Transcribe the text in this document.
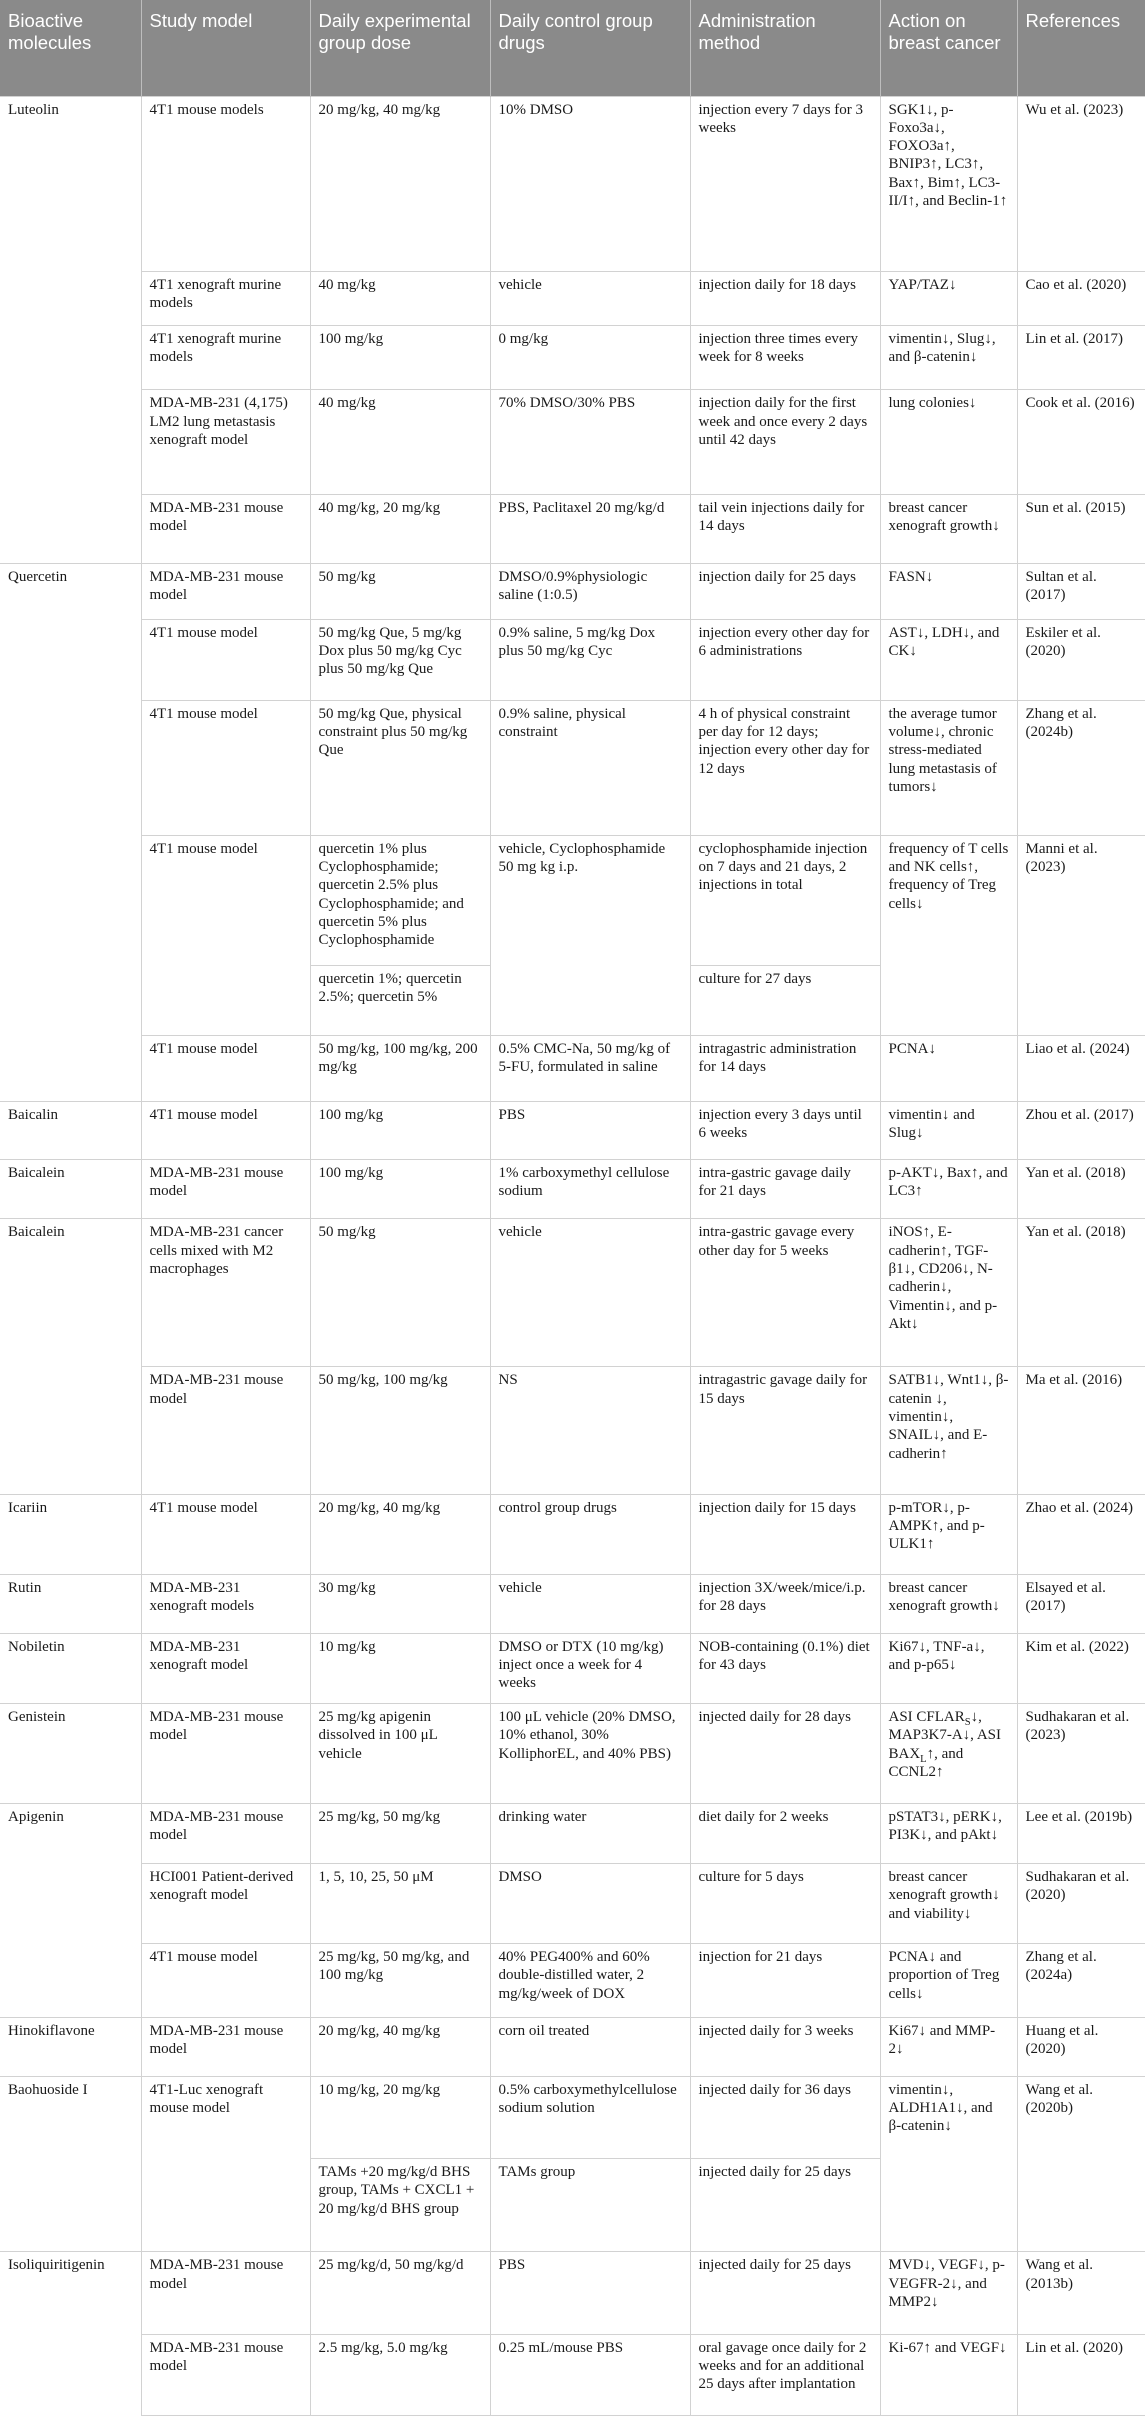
Bioactive molecules	Study model	Daily experimental group dose	Daily control group drugs	Administration method	Action on breast cancer	References
Luteolin	4T1 mouse models	20 mg/kg, 40 mg/kg	10% DMSO	injection every 7 days for 3 weeks	SGK1↓, p-Foxo3a↓, FOXO3a↑, BNIP3↑, LC3↑, Bax↑, Bim↑, LC3-II/I↑, and Beclin-1↑	Wu et al. (2023)
	4T1 xenograft murine models	40 mg/kg	vehicle	injection daily for 18 days	YAP/TAZ↓	Cao et al. (2020)
	4T1 xenograft murine models	100 mg/kg	0 mg/kg	injection three times every week for 8 weeks	vimentin↓, Slug↓, and β-catenin↓	Lin et al. (2017)
	MDA-MB-231 (4,175) LM2 lung metastasis xenograft model	40 mg/kg	70% DMSO/30% PBS	injection daily for the first week and once every 2 days until 42 days	lung colonies↓	Cook et al. (2016)
	MDA-MB-231 mouse model	40 mg/kg, 20 mg/kg	PBS, Paclitaxel 20 mg/kg/d	tail vein injections daily for 14 days	breast cancer xenograft growth↓	Sun et al. (2015)
Quercetin	MDA-MB-231 mouse model	50 mg/kg	DMSO/0.9%physiologic saline (1:0.5)	injection daily for 25 days	FASN↓	Sultan et al. (2017)
	4T1 mouse model	50 mg/kg Que, 5 mg/kg Dox plus 50 mg/kg Cyc plus 50 mg/kg Que	0.9% saline, 5 mg/kg Dox plus 50 mg/kg Cyc	injection every other day for 6 administrations	AST↓, LDH↓, and CK↓	Eskiler et al. (2020)
	4T1 mouse model	50 mg/kg Que, physical constraint plus 50 mg/kg Que	0.9% saline, physical constraint	4 h of physical constraint per day for 12 days; injection every other day for 12 days	the average tumor volume↓, chronic stress-mediated lung metastasis of tumors↓	Zhang et al. (2024b)
	4T1 mouse model	quercetin 1% plus Cyclophosphamide; quercetin 2.5% plus Cyclophosphamide; and quercetin 5% plus Cyclophosphamide	vehicle, Cyclophosphamide 50 mg kg i.p.	cyclophosphamide injection on 7 days and 21 days, 2 injections in total	frequency of T cells and NK cells↑, frequency of Treg cells↓	Manni et al. (2023)
		quercetin 1%; quercetin 2.5%; quercetin 5%		culture for 27 days		
	4T1 mouse model	50 mg/kg, 100 mg/kg, 200 mg/kg	0.5% CMC-Na, 50 mg/kg of 5-FU, formulated in saline	intragastric administration for 14 days	PCNA↓	Liao et al. (2024)
Baicalin	4T1 mouse model	100 mg/kg	PBS	injection every 3 days until 6 weeks	vimentin↓ and Slug↓	Zhou et al. (2017)
Baicalein	MDA-MB-231 mouse model	100 mg/kg	1% carboxymethyl cellulose sodium	intra-gastric gavage daily for 21 days	p-AKT↓, Bax↑, and LC3↑	Yan et al. (2018)
Baicalein	MDA-MB-231 cancer cells mixed with M2 macrophages	50 mg/kg	vehicle	intra-gastric gavage every other day for 5 weeks	iNOS↑, E-cadherin↑, TGF-β1↓, CD206↓, N-cadherin↓, Vimentin↓, and p-Akt↓	Yan et al. (2018)
	MDA-MB-231 mouse model	50 mg/kg, 100 mg/kg	NS	intragastric gavage daily for 15 days	SATB1↓, Wnt1↓, β-catenin ↓, vimentin↓, SNAIL↓, and E-cadherin↑	Ma et al. (2016)
Icariin	4T1 mouse model	20 mg/kg, 40 mg/kg	control group drugs	injection daily for 15 days	p-mTOR↓, p-AMPK↑, and p-ULK1↑	Zhao et al. (2024)
Rutin	MDA-MB-231 xenograft models	30 mg/kg	vehicle	injection 3X/week/mice/i.p. for 28 days	breast cancer xenograft growth↓	Elsayed et al. (2017)
Nobiletin	MDA-MB-231 xenograft model	10 mg/kg	DMSO or DTX (10 mg/kg) inject once a week for 4 weeks	NOB-containing (0.1%) diet for 43 days	Ki67↓, TNF-a↓, and p-p65↓	Kim et al. (2022)
Genistein	MDA-MB-231 mouse model	25 mg/kg apigenin dissolved in 100 μL vehicle	100 μL vehicle (20% DMSO, 10% ethanol, 30% KolliphorEL, and 40% PBS)	injected daily for 28 days	ASI $CFLAR_S↓$, MAP3K7-A↓, ASI $BAX_L↑$, and CCNL2↑	Sudhakaran et al. (2023)
Apigenin	MDA-MB-231 mouse model	25 mg/kg, 50 mg/kg	drinking water	diet daily for 2 weeks	pSTAT3↓, pERK↓, PI3K↓, and pAkt↓	Lee et al. (2019b)
	HCI001 Patient-derived xenograft model	1, 5, 10, 25, 50 μM	DMSO	culture for 5 days	breast cancer xenograft growth↓ and viability↓	Sudhakaran et al. (2020)
	4T1 mouse model	25 mg/kg, 50 mg/kg, and 100 mg/kg	40% PEG400% and 60% double-distilled water, 2 mg/kg/week of DOX	injection for 21 days	PCNA↓ and proportion of Treg cells↓	Zhang et al. (2024a)
Hinokiflavone	MDA-MB-231 mouse model	20 mg/kg, 40 mg/kg	corn oil treated	injected daily for 3 weeks	Ki67↓ and MMP-2↓	Huang et al. (2020)
Baohuoside I	4T1-Luc xenograft mouse model	10 mg/kg, 20 mg/kg	0.5% carboxymethylcellulose sodium solution	injected daily for 36 days	vimentin↓, ALDH1A1↓, and β-catenin↓	Wang et al. (2020b)
		TAMs +20 mg/kg/d BHS group, TAMs + CXCL1 + 20 mg/kg/d BHS group	TAMs group	injected daily for 25 days		
Isoliquiritigenin	MDA-MB-231 mouse model	25 mg/kg/d, 50 mg/kg/d	PBS	injected daily for 25 days	MVD↓, VEGF↓, p-VEGFR-2↓, and MMP2↓	Wang et al. (2013b)
	MDA-MB-231 mouse model	2.5 mg/kg, 5.0 mg/kg	0.25 mL/mouse PBS	oral gavage once daily for 2 weeks and for an additional 25 days after implantation	Ki-67↑ and VEGF↓	Lin et al. (2020)
